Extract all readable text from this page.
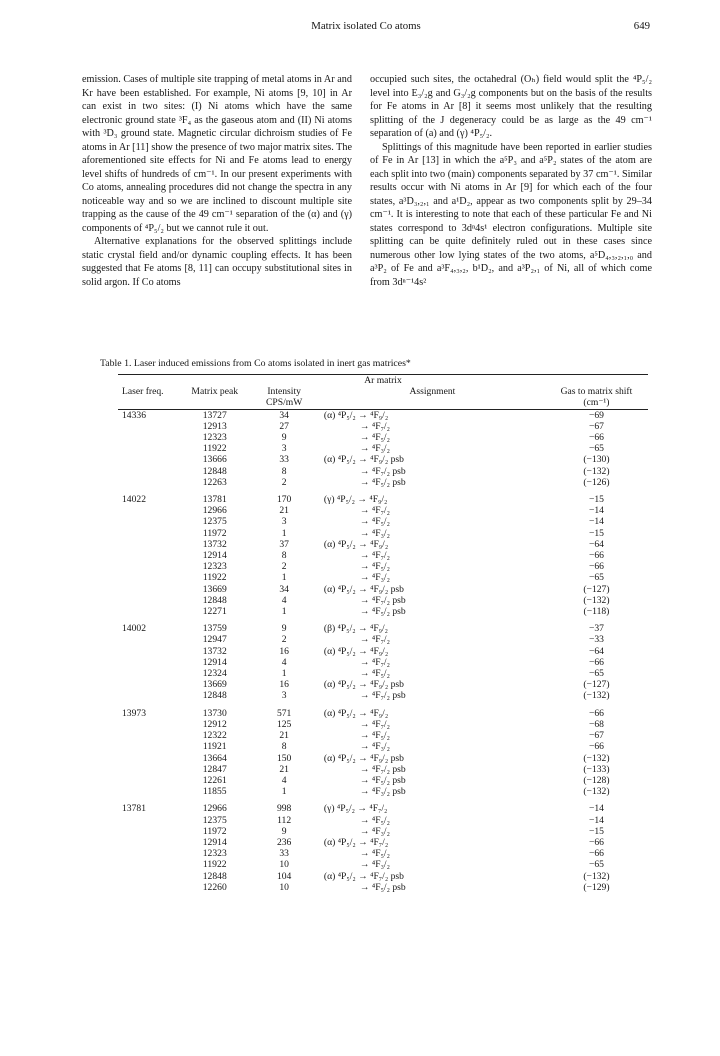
Matrix isolated Co atoms	649

emission. Cases of multiple site trapping of metal atoms in Ar and Kr have been established. For example, Ni atoms [9, 10] in Ar can exist in two sites: (I) Ni atoms which have the same electronic ground state ³F₄ as the gaseous atom and (II) Ni atoms with ³D₃ ground state. Magnetic circular dichroism studies of Fe atoms in Ar [11] show the presence of two major matrix sites. The aforementioned site effects for Ni and Fe atoms lead to energy level shifts of hundreds of cm⁻¹. In our present experiments with Co atoms, annealing procedures did not change the spectra in any noticeable way and so we are inclined to discount multiple site trapping as the cause of the 49 cm⁻¹ separation of the (α) and (γ) components of ⁴P₅/₂ but we cannot rule it out.

Alternative explanations for the observed splittings include static crystal field and/or dynamic coupling effects. It has been suggested that Fe atoms [8, 11] can occupy substitutional sites in solid argon. If Co atoms

occupied such sites, the octahedral (Oₕ) field would split the ⁴P₅/₂ level into E₃/₂g and G₃/₂g components but on the basis of the results for Fe atoms in Ar [8] it seems most unlikely that the resulting splitting of the J degeneracy could be as large as the 49 cm⁻¹ separation of (a) and (γ) ⁴P₅/₂.

Splittings of this magnitude have been reported in earlier studies of Fe in Ar [13] in which the a⁵P₃ and a⁵P₂ states of the atom are each split into two (main) components separated by 37 cm⁻¹. Similar results occur with Ni atoms in Ar [9] for which each of the four states, a³D₃,₂,₁ and a¹D₂, appear as two components split by 29–34 cm⁻¹. It is interesting to note that each of these particular Fe and Ni states correspond to 3dⁿ4s¹ electron configurations. Multiple site splitting can be quite definitely ruled out in these cases since numerous other low lying states of the two atoms, a⁵D₄,₃,₂,₁,₀ and a³P₂ of Fe and a³F₄,₃,₂, b¹D₂, and a³P₂,₁ of Ni, all of which come from 3dⁿ⁻¹4s²

Table 1. Laser induced emissions from Co atoms isolated in inert gas matrices*

Ar matrix				
Laser freq.	Matrix peak	Intensity CPS/mW	Assignment	Gas to matrix shift (cm⁻¹)
14336	13727	34	(α) ⁴P₅/₂ → ⁴F₉/₂	−69
	12913	27	→ ⁴F₇/₂	−67
	12323	9	→ ⁴F₅/₂	−66
	11922	3	→ ⁴F₃/₂	−65
	13666	33	(α) ⁴P₅/₂ → ⁴F₉/₂ psb	(−130)
	12848	8	→ ⁴F₇/₂ psb	(−132)
	12263	2	→ ⁴F₅/₂ psb	(−126)
14022	13781	170	(γ) ⁴P₅/₂ → ⁴F₉/₂	−15
	12966	21	→ ⁴F₇/₂	−14
	12375	3	→ ⁴F₅/₂	−14
	11972	1	→ ⁴F₃/₂	−15
	13732	37	(α) ⁴P₅/₂ → ⁴F₉/₂	−64
	12914	8	→ ⁴F₇/₂	−66
	12323	2	→ ⁴F₅/₂	−66
	11922	1	→ ⁴F₃/₂	−65
	13669	34	(α) ⁴P₅/₂ → ⁴F₉/₂ psb	(−127)
	12848	4	→ ⁴F₇/₂ psb	(−132)
	12271	1	→ ⁴F₅/₂ psb	(−118)
14002	13759	9	(β) ⁴P₅/₂ → ⁴F₉/₂	−37
	12947	2	→ ⁴F₇/₂	−33
	13732	16	(α) ⁴P₅/₂ → ⁴F₉/₂	−64
	12914	4	→ ⁴F₇/₂	−66
	12324	1	→ ⁴F₅/₂	−65
	13669	16	(α) ⁴P₅/₂ → ⁴F₉/₂ psb	(−127)
	12848	3	→ ⁴F₇/₂ psb	(−132)
13973	13730	571	(α) ⁴P₅/₂ → ⁴F₉/₂	−66
	12912	125	→ ⁴F₇/₂	−68
	12322	21	→ ⁴F₅/₂	−67
	11921	8	→ ⁴F₃/₂	−66
	13664	150	(α) ⁴P₅/₂ → ⁴F₉/₂ psb	(−132)
	12847	21	→ ⁴F₇/₂ psb	(−133)
	12261	4	→ ⁴F₅/₂ psb	(−128)
	11855	1	→ ⁴F₃/₂ psb	(−132)
13781	12966	998	(γ) ⁴P₅/₂ → ⁴F₇/₂	−14
	12375	112	→ ⁴F₅/₂	−14
	11972	9	→ ⁴F₃/₂	−15
	12914	236	(α) ⁴P₅/₂ → ⁴F₇/₂	−66
	12323	33	→ ⁴F₅/₂	−66
	11922	10	→ ⁴F₃/₂	−65
	12848	104	(α) ⁴P₅/₂ → ⁴F₇/₂ psb	(−132)
	12260	10	→ ⁴F₅/₂ psb	(−129)
